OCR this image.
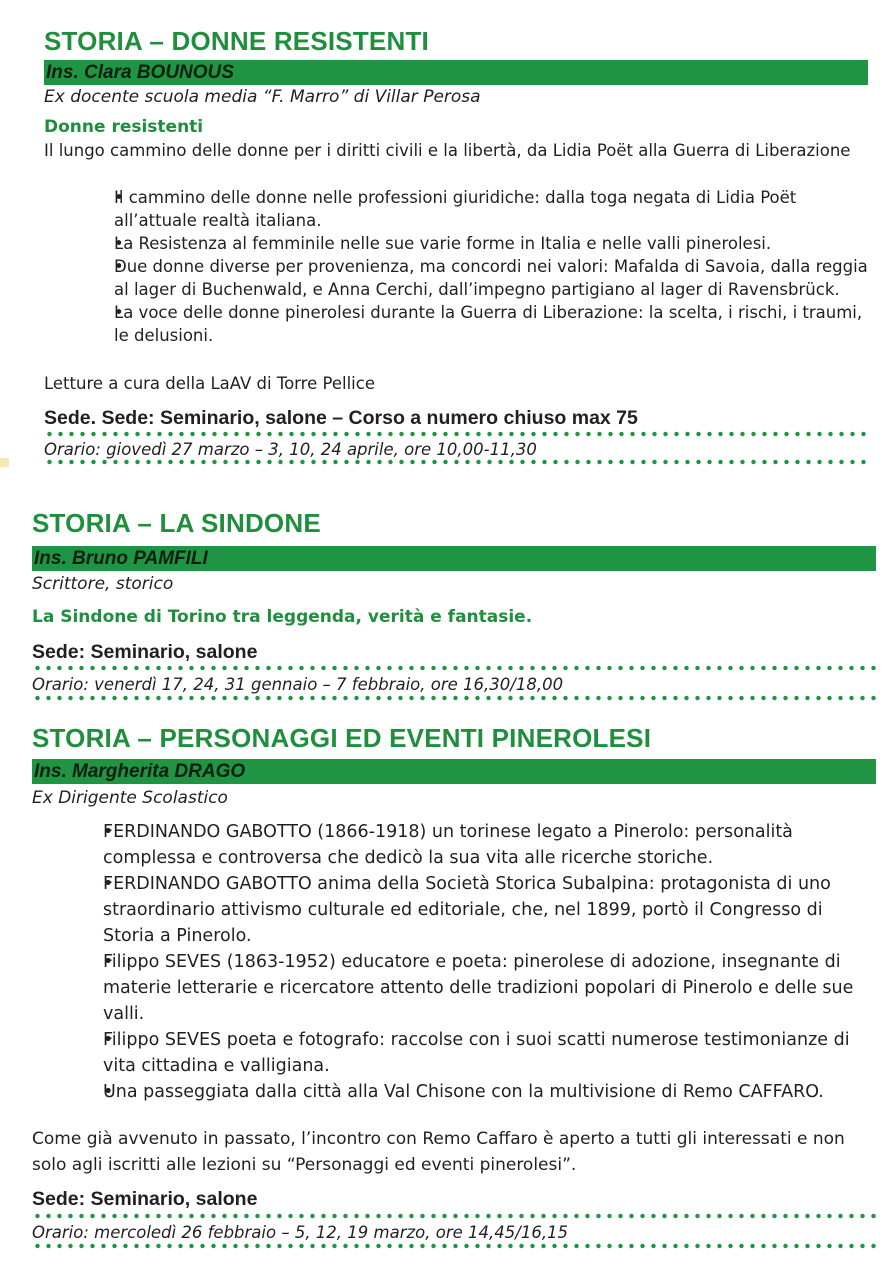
STORIA – DONNE RESISTENTI
Ins. Clara BOUNOUS
Ex docente scuola media “F. Marro” di Villar Perosa
Donne resistenti
Il lungo cammino delle donne per i diritti civili e la libertà, da Lidia Poët alla Guerra di Liberazione
• Il cammino delle donne nelle professioni giuridiche: dalla toga negata di Lidia Poët all’attuale realtà italiana.
• La Resistenza al femminile nelle sue varie forme in Italia e nelle valli pinerolesi.
• Due donne diverse per provenienza, ma concordi nei valori: Mafalda di Savoia, dalla reggia al lager di Buchenwald, e Anna Cerchi, dall’impegno partigiano al lager di Ravensbrück.
• La voce delle donne pinerolesi durante la Guerra di Liberazione: la scelta, i rischi, i traumi, le delusioni.
Letture a cura della LaAV di Torre Pellice
Sede. Sede: Seminario, salone – Corso a numero chiuso max 75
Orario: giovedì 27 marzo – 3, 10, 24 aprile, ore 10,00-11,30
STORIA – LA SINDONE
Ins. Bruno PAMFILI
Scrittore, storico
La Sindone di Torino tra leggenda, verità e fantasie.
Sede: Seminario, salone
Orario: venerdì 17, 24, 31 gennaio – 7 febbraio, ore 16,30/18,00
STORIA – PERSONAGGI ED EVENTI PINEROLESI
Ins. Margherita DRAGO
Ex Dirigente Scolastico
• FERDINANDO GABOTTO (1866-1918) un torinese legato a Pinerolo: personalità complessa e controversa che dedicò la sua vita alle ricerche storiche.
• FERDINANDO GABOTTO anima della Società Storica Subalpina: protagonista di uno straordinario attivismo culturale ed editoriale, che, nel 1899, portò il Congresso di Storia a Pinerolo.
• Filippo SEVES (1863-1952) educatore e poeta: pinerolese di adozione, insegnante di materie letterarie e ricercatore attento delle tradizioni popolari di Pinerolo e delle sue valli.
• Filippo SEVES poeta e fotografo: raccolse con i suoi scatti numerose testimonianze di vita cittadina e valligiana.
• Una passeggiata dalla città alla Val Chisone con la multivisione di Remo CAFFARO.
Come già avvenuto in passato, l’incontro con Remo Caffaro è aperto a tutti gli interessati e non solo agli iscritti alle lezioni su “Personaggi ed eventi pinerolesi”.
Sede: Seminario, salone
Orario: mercoledì 26 febbraio – 5, 12, 19 marzo, ore 14,45/16,15
